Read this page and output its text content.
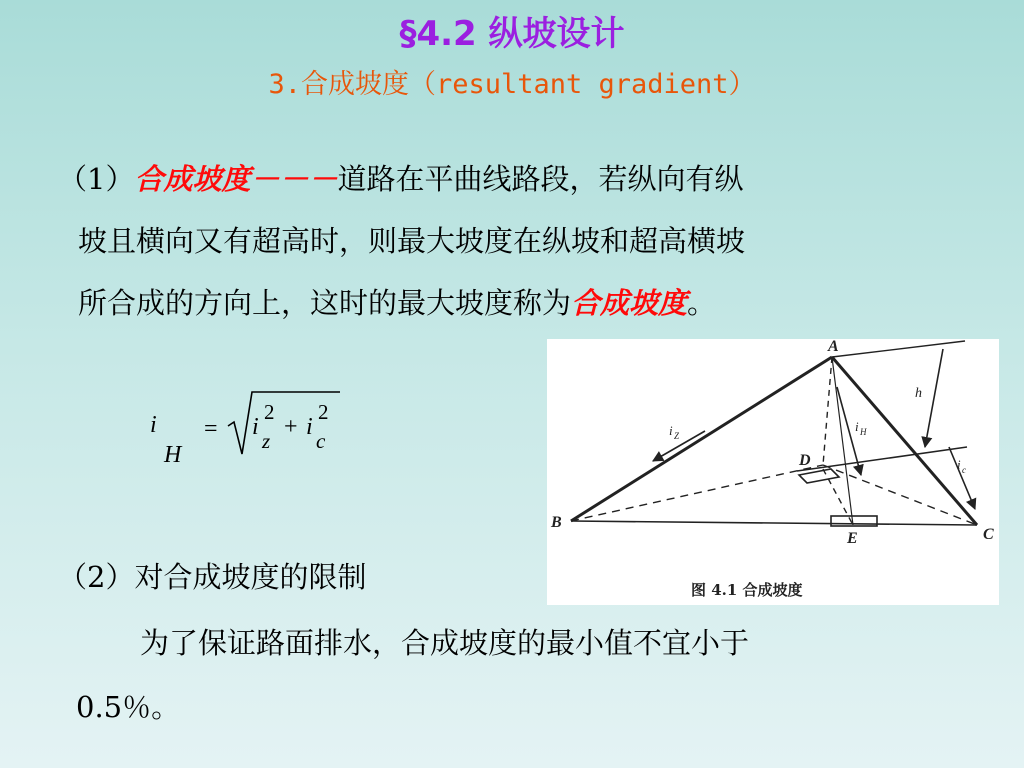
§4.2 纵坡设计
3.合成坡度（resultant gradient）
（1）合成坡度－－－道路在平曲线路段，若纵向有纵
坡且横向又有超高时，则最大坡度在纵坡和超高横坡
所合成的方向上，这时的最大坡度称为合成坡度。
i
H
= i
2
z
+ i
2
c
A
B
C
D
E
i Z
i H
i c
h
图 4.1 合成坡度
（2）对合成坡度的限制
为了保证路面排水，合成坡度的最小值不宜小于
0.5％。
